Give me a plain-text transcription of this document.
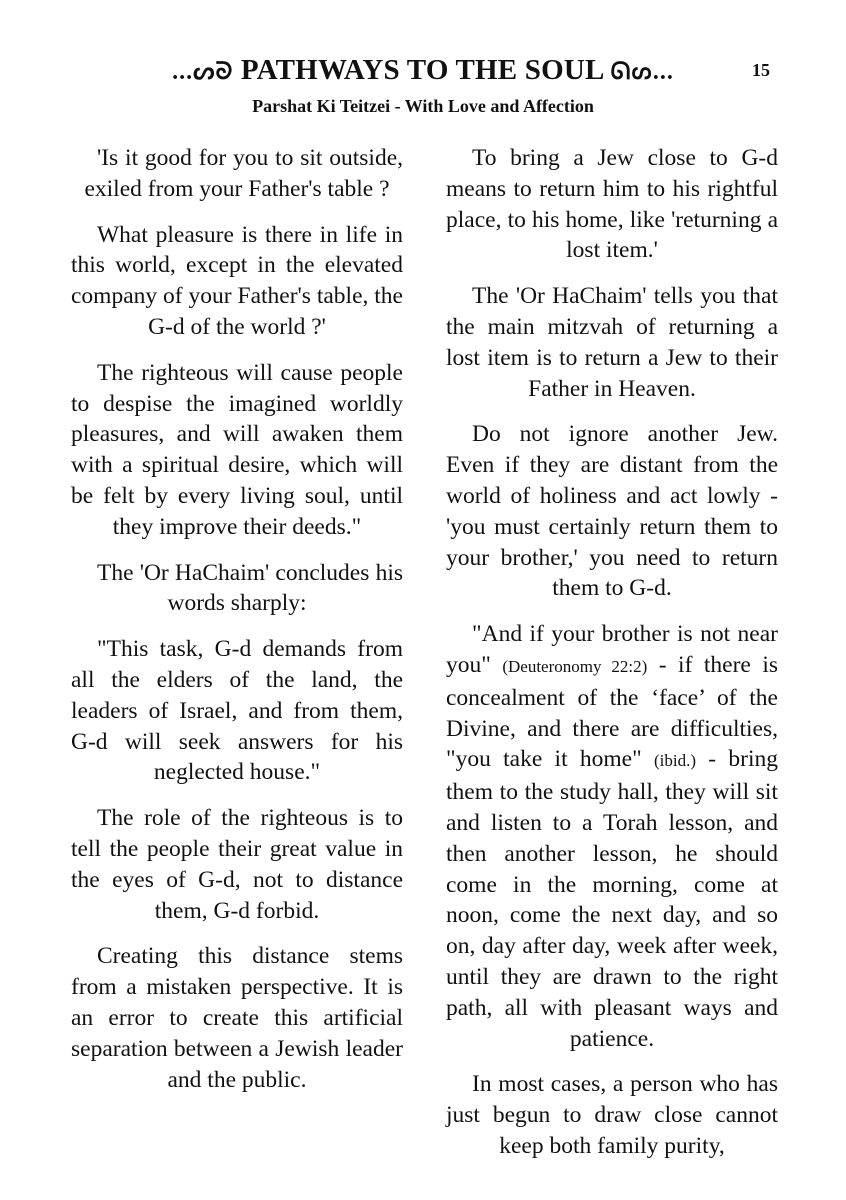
...ᔕᘐ PATHWAYS TO THE SOUL ᘏᔕ...	15
Parshat Ki Teitzei - With Love and Affection

'Is it good for you to sit outside, exiled from your Father's table ?

What pleasure is there in life in this world, except in the elevated company of your Father's table, the G-d of the world ?'

The righteous will cause people to despise the imagined worldly pleasures, and will awaken them with a spiritual desire, which will be felt by every living soul, until they improve their deeds."

The 'Or HaChaim' concludes his words sharply:

"This task, G-d demands from all the elders of the land, the leaders of Israel, and from them, G-d will seek answers for his neglected house."

The role of the righteous is to tell the people their great value in the eyes of G-d, not to distance them, G-d forbid.

Creating this distance stems from a mistaken perspective. It is an error to create this artificial separation between a Jewish leader and the public.

To bring a Jew close to G-d means to return him to his rightful place, to his home, like 'returning a lost item.'

The 'Or HaChaim' tells you that the main mitzvah of returning a lost item is to return a Jew to their Father in Heaven.

Do not ignore another Jew. Even if they are distant from the world of holiness and act lowly - 'you must certainly return them to your brother,' you need to return them to G-d.

"And if your brother is not near you" (Deuteronomy 22:2) - if there is concealment of the ‘face’ of the Divine, and there are difficulties, "you take it home" (ibid.) - bring them to the study hall, they will sit and listen to a Torah lesson, and then another lesson, he should come in the morning, come at noon, come the next day, and so on, day after day, week after week, until they are drawn to the right path, all with pleasant ways and patience.

In most cases, a person who has just begun to draw close cannot keep both family purity,
